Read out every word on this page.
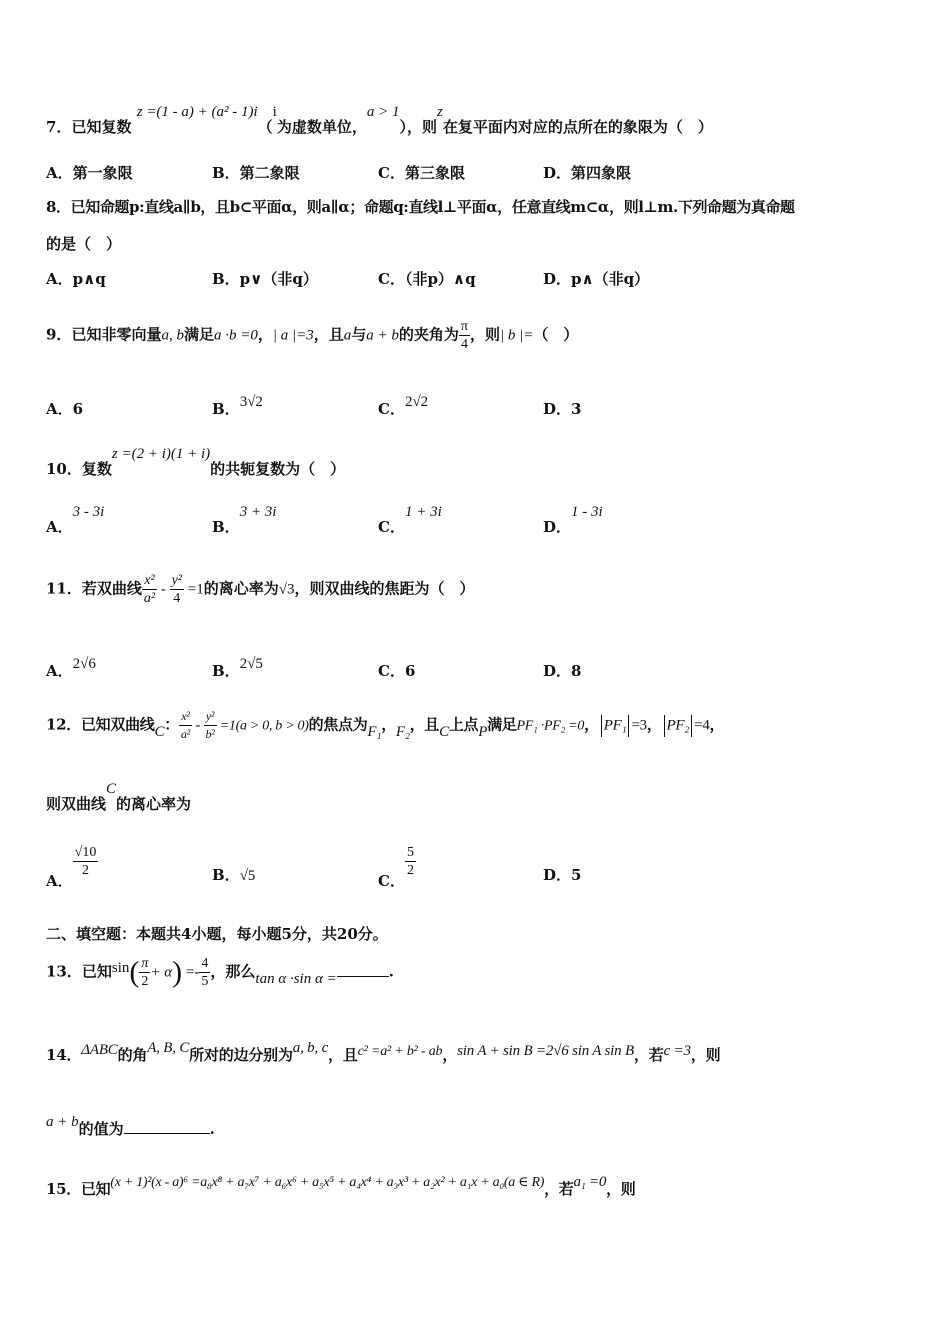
7．已知复数 z =(1 - a) + (a² - 1)i（i为虚数单位，a > 1），则z在复平面内对应的点所在的象限为（　）
A．第一象限	B．第二象限	C．第三象限	D．第四象限
8．已知命题p:直线a∥b，且b⊂平面α，则a∥α；命题q:直线l⊥平面α，任意直线m⊂α，则l⊥m.下列命题为真命题
的是（　）
A．p∧q	B．p∨（非q）	C．（非p）∧q	D．p∧（非q）
9．已知非零向量a, b满足a ·b =0，| a |=3，且a与a + b的夹角为 $\frac{\pi}{4}$ ，则| b |=（　）
A．6	B．3√2	C．2√2	D．3
10．复数z =(2 + i)(1 + i)的共轭复数为（　）
A．3 - 3i
B．3 + 3i
C．1 + 3i
D．1 - 3i
11．若双曲线 $\frac{\text{x²}}{\text{a²}} - \frac{\text{y²}}{4} =1$的离心率为√3，则双曲线的焦距为（　）
A．2√6	B．2√5	C．6	D．8
12．已知双曲线C： $\frac{\text{x²}}{\text{a²}} - \frac{\text{y²}}{\text{b²}} =1(a > 0$, b > 0)的焦点为F₁，F₂，且C上点P满足PF₁ ·PF₂ =0， PF₁ =3， PF₂ =4，
则双曲线C的离心率为
A．
$\frac{√10}{2}$	B．√5	C．
$\frac{5}{2}$	D．5
二、填空题：本题共4小题，每小题5分，共20分。
13．已知$\sin( \frac{\pi}{2} + \alpha) =- \frac{4}{5}$ ，那么tan α ·sin α =	.
14．ΔABC的角A, B, C所对的边分别为a, b, c，且c² =a² + b² - ab，sin A + sin B =2√6 sin A sin B，若c =3，则
a + b的值为	.
15．已知(x + 1)²(x - a)⁶ =a₈x⁸ + a₇x⁷ + a₆x⁶ + a₅x⁵ + a₄x⁴ + a₃x³ + a₂x² + a₁x + a₀(a ∈ R)，若a₁ =0，则
